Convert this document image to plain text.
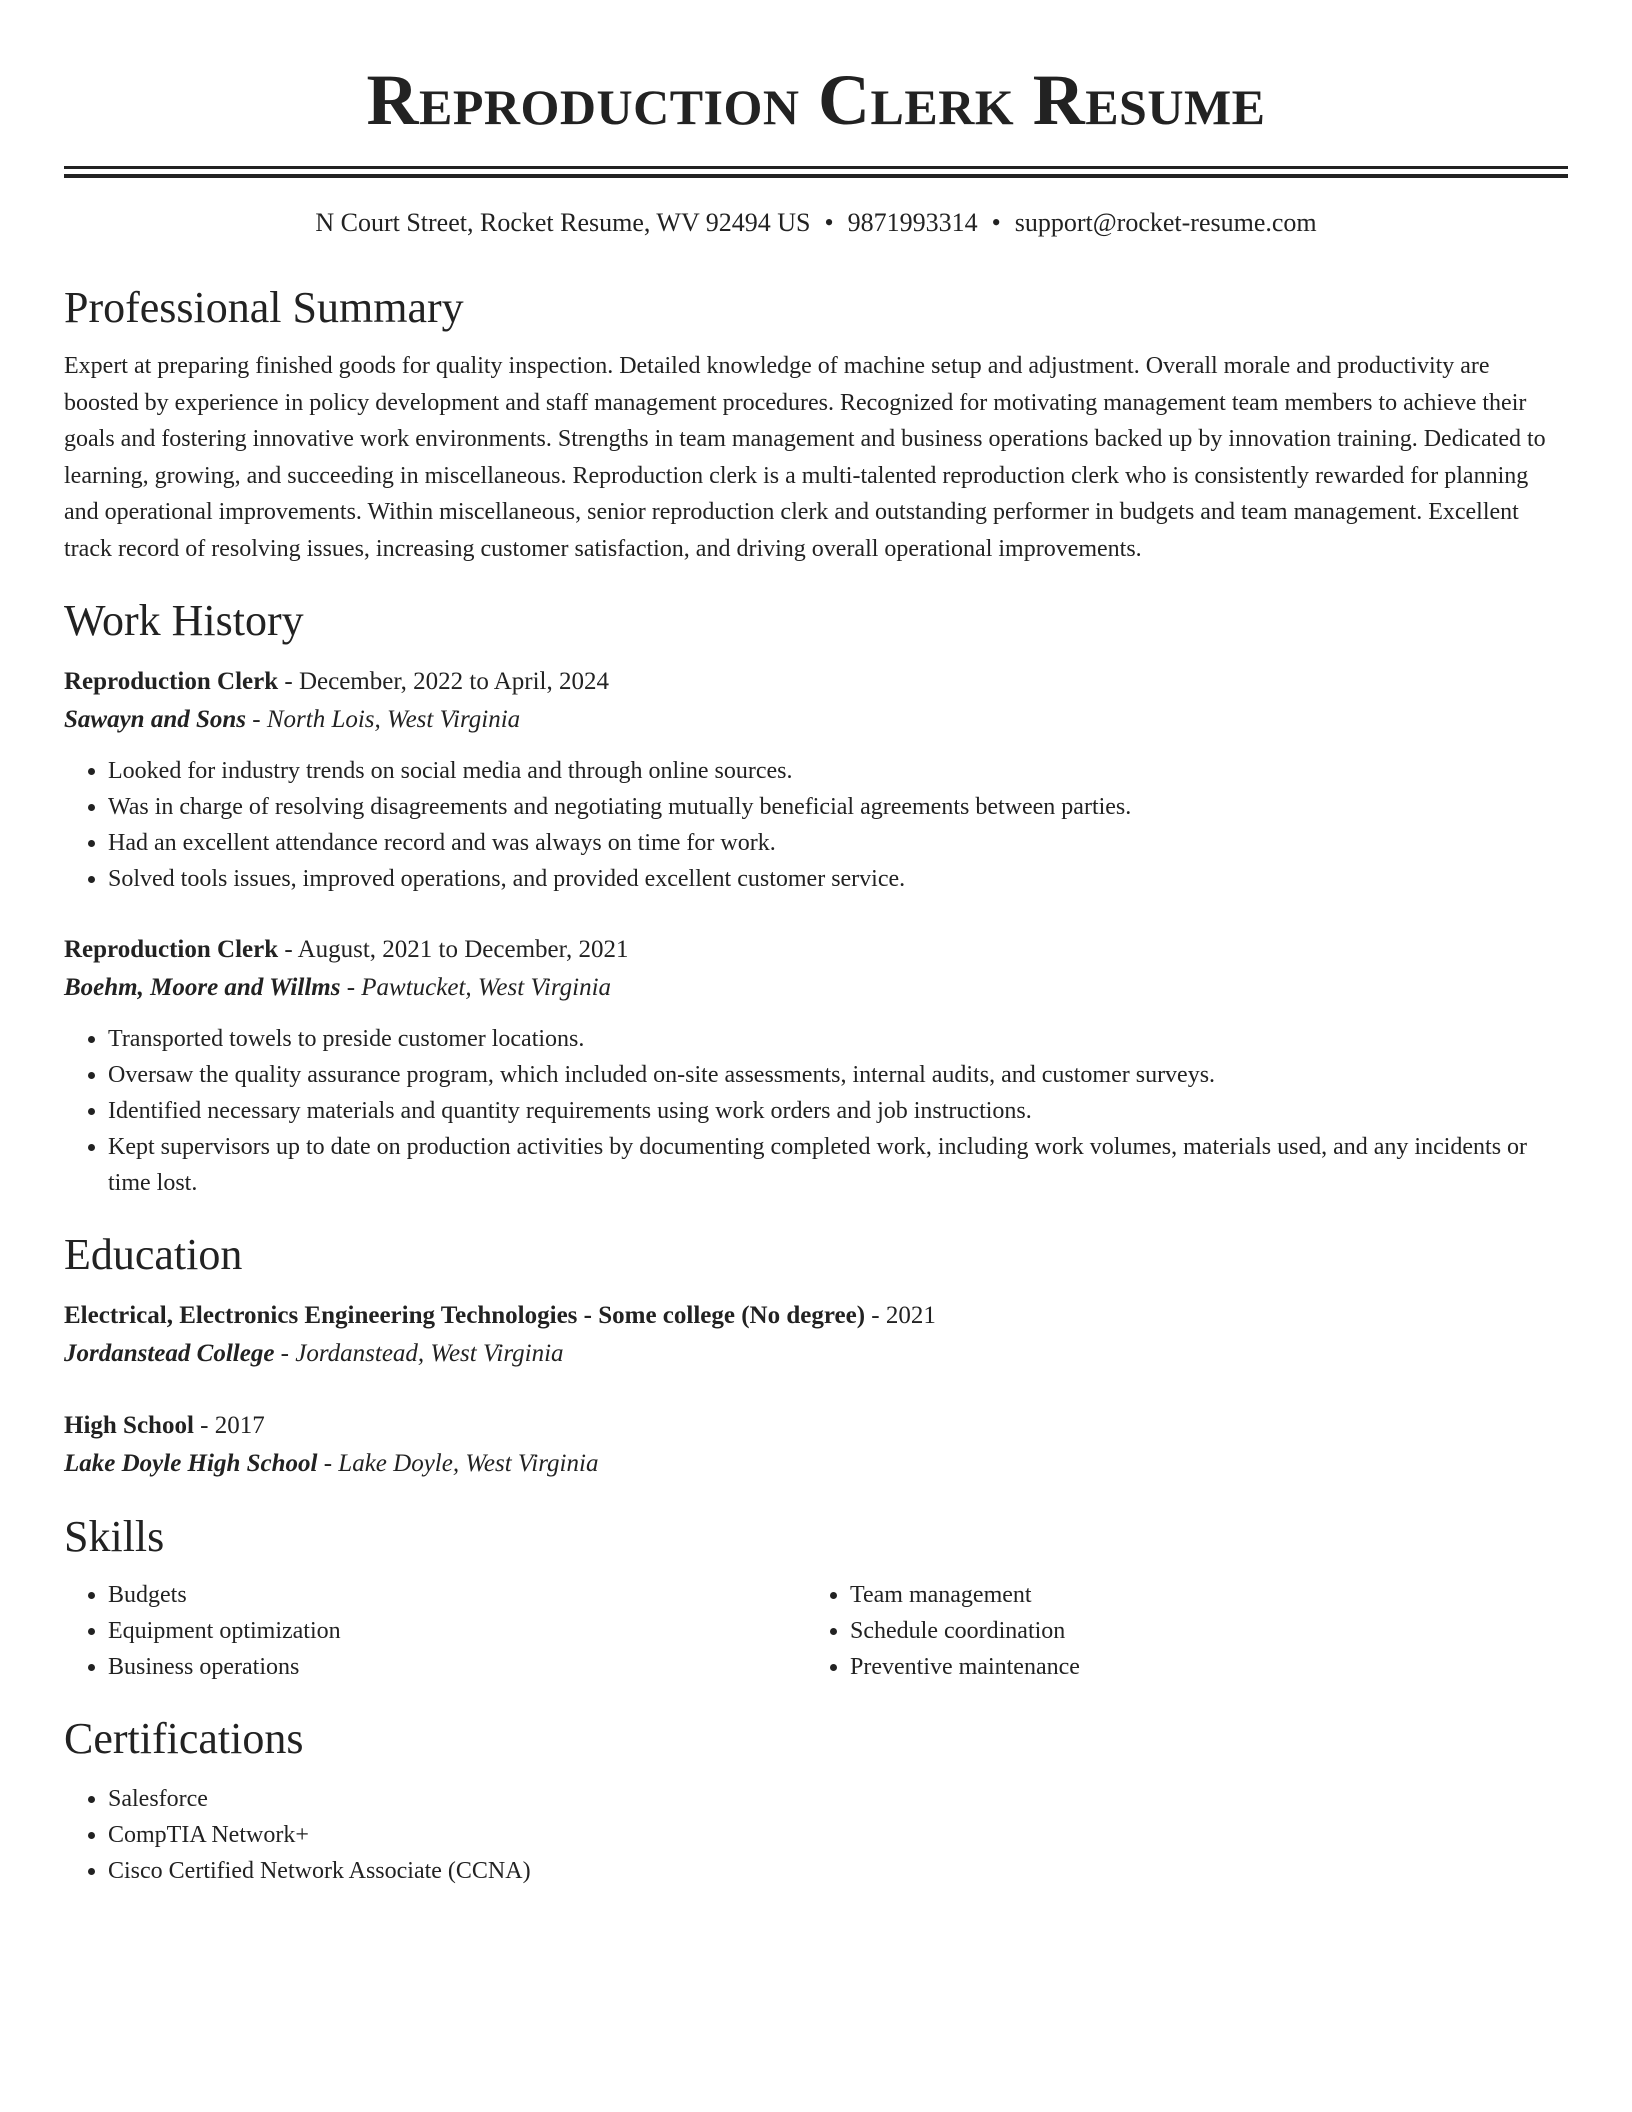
Reproduction Clerk Resume
N Court Street, Rocket Resume, WV 92494 US • 9871993314 • support@rocket-resume.com
Professional Summary
Expert at preparing finished goods for quality inspection. Detailed knowledge of machine setup and adjustment. Overall morale and productivity are boosted by experience in policy development and staff management procedures. Recognized for motivating management team members to achieve their goals and fostering innovative work environments. Strengths in team management and business operations backed up by innovation training. Dedicated to learning, growing, and succeeding in miscellaneous. Reproduction clerk is a multi-talented reproduction clerk who is consistently rewarded for planning and operational improvements. Within miscellaneous, senior reproduction clerk and outstanding performer in budgets and team management. Excellent track record of resolving issues, increasing customer satisfaction, and driving overall operational improvements.
Work History
Reproduction Clerk - December, 2022 to April, 2024
Sawayn and Sons - North Lois, West Virginia
• Looked for industry trends on social media and through online sources.
• Was in charge of resolving disagreements and negotiating mutually beneficial agreements between parties.
• Had an excellent attendance record and was always on time for work.
• Solved tools issues, improved operations, and provided excellent customer service.
Reproduction Clerk - August, 2021 to December, 2021
Boehm, Moore and Willms - Pawtucket, West Virginia
• Transported towels to preside customer locations.
• Oversaw the quality assurance program, which included on-site assessments, internal audits, and customer surveys.
• Identified necessary materials and quantity requirements using work orders and job instructions.
• Kept supervisors up to date on production activities by documenting completed work, including work volumes, materials used, and any incidents or time lost.
Education
Electrical, Electronics Engineering Technologies - Some college (No degree) - 2021
Jordanstead College - Jordanstead, West Virginia
High School - 2017
Lake Doyle High School - Lake Doyle, West Virginia
Skills
• Budgets
• Equipment optimization
• Business operations
• Team management
• Schedule coordination
• Preventive maintenance
Certifications
• Salesforce
• CompTIA Network+
• Cisco Certified Network Associate (CCNA)
